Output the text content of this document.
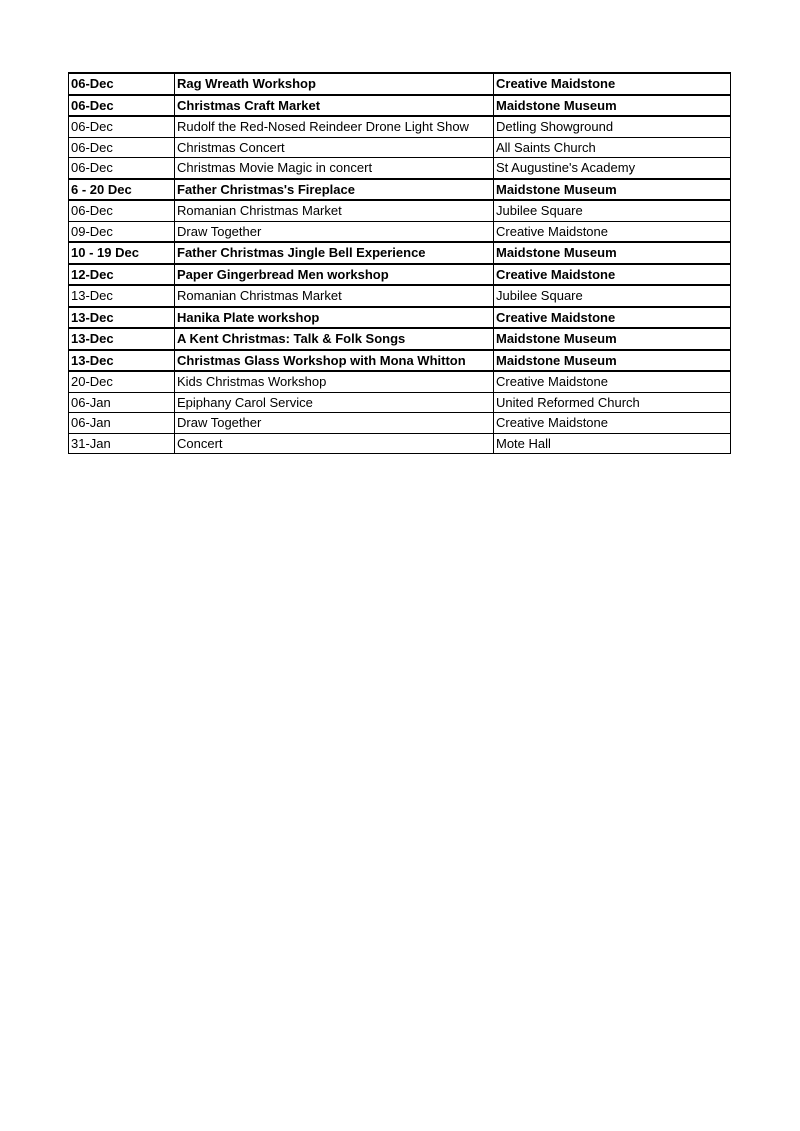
06-Dec	Rag Wreath Workshop	Creative Maidstone
06-Dec	Christmas Craft Market	Maidstone Museum
06-Dec	Rudolf the Red-Nosed Reindeer Drone Light Show	Detling Showground
06-Dec	Christmas Concert	All Saints Church
06-Dec	Christmas Movie Magic in concert	St Augustine's Academy
6 - 20 Dec	Father Christmas's Fireplace	Maidstone Museum
06-Dec	Romanian Christmas Market	Jubilee Square
09-Dec	Draw Together	Creative Maidstone
10 - 19 Dec	Father Christmas Jingle Bell Experience	Maidstone Museum
12-Dec	Paper Gingerbread Men workshop	Creative Maidstone
13-Dec	Romanian Christmas Market	Jubilee Square
13-Dec	Hanika Plate workshop	Creative Maidstone
13-Dec	A Kent Christmas: Talk & Folk Songs	Maidstone Museum
13-Dec	Christmas Glass Workshop with Mona Whitton	Maidstone Museum
20-Dec	Kids Christmas Workshop	Creative Maidstone
06-Jan	Epiphany Carol Service	United Reformed Church
06-Jan	Draw Together	Creative Maidstone
31-Jan	Concert	Mote Hall
